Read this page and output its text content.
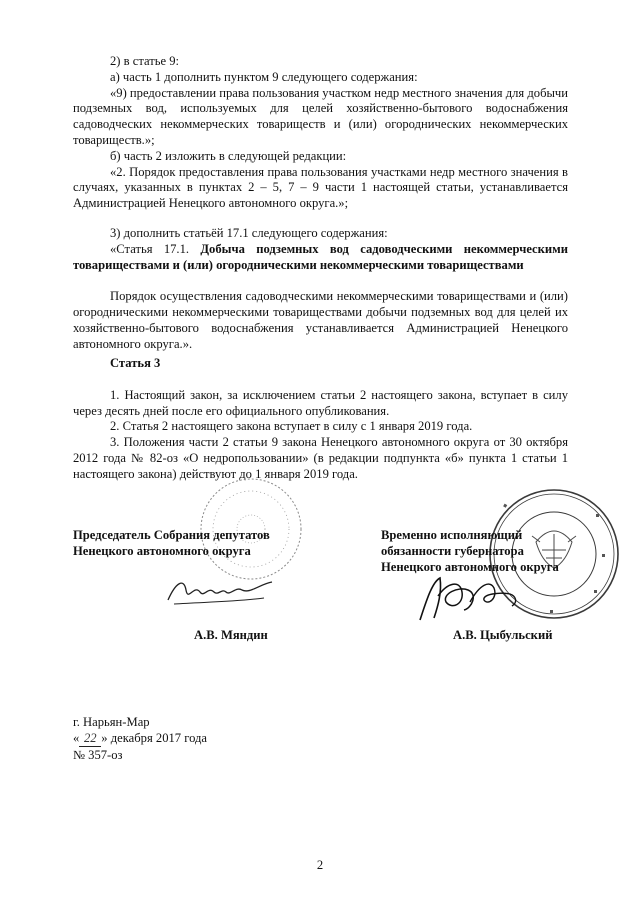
2) в статье 9:

а) часть 1 дополнить пунктом 9 следующего содержания:

«9) предоставлении права пользования участком недр местного значения для добычи подземных вод, используемых для целей хозяйственно-бытового водоснабжения садоводческих некоммерческих товариществ и (или) огороднических некоммерческих товариществ.»;

б) часть 2 изложить в следующей редакции:

«2. Порядок предоставления права пользования участками недр местного значения в случаях, указанных в пунктах 2 – 5, 7 – 9 части 1 настоящей статьи, устанавливается Администрацией Ненецкого автономного округа.»;

3) дополнить статьёй 17.1 следующего содержания:

«Статья 17.1. Добыча подземных вод садоводческими некоммерческими товариществами и (или) огородническими некоммерческими товариществами

Порядок осуществления садоводческими некоммерческими товариществами и (или) огородническими некоммерческими товариществами добычи подземных вод для целей их хозяйственно-бытового водоснабжения устанавливается Администрацией Ненецкого автономного округа.».

Статья 3

1. Настоящий закон, за исключением статьи 2 настоящего закона, вступает в силу через десять дней после его официального опубликования.

2. Статья 2 настоящего закона вступает в силу с 1 января 2019 года.

3. Положения части 2 статьи 9 закона Ненецкого автономного округа от 30 октября 2012 года № 82-оз «О недропользовании» (в редакции подпункта «б» пункта 1 статьи 1 настоящего закона) действуют до 1 января 2019 года.

Председатель Собрания депутатов
Ненецкого автономного округа
Временно исполняющий
обязанности губернатора
Ненецкого автономного округа
А.В. Мяндин	А.В. Цыбульский
г. Нарьян-Мар
« 22 » декабря 2017 года
№ 357-оз
2
